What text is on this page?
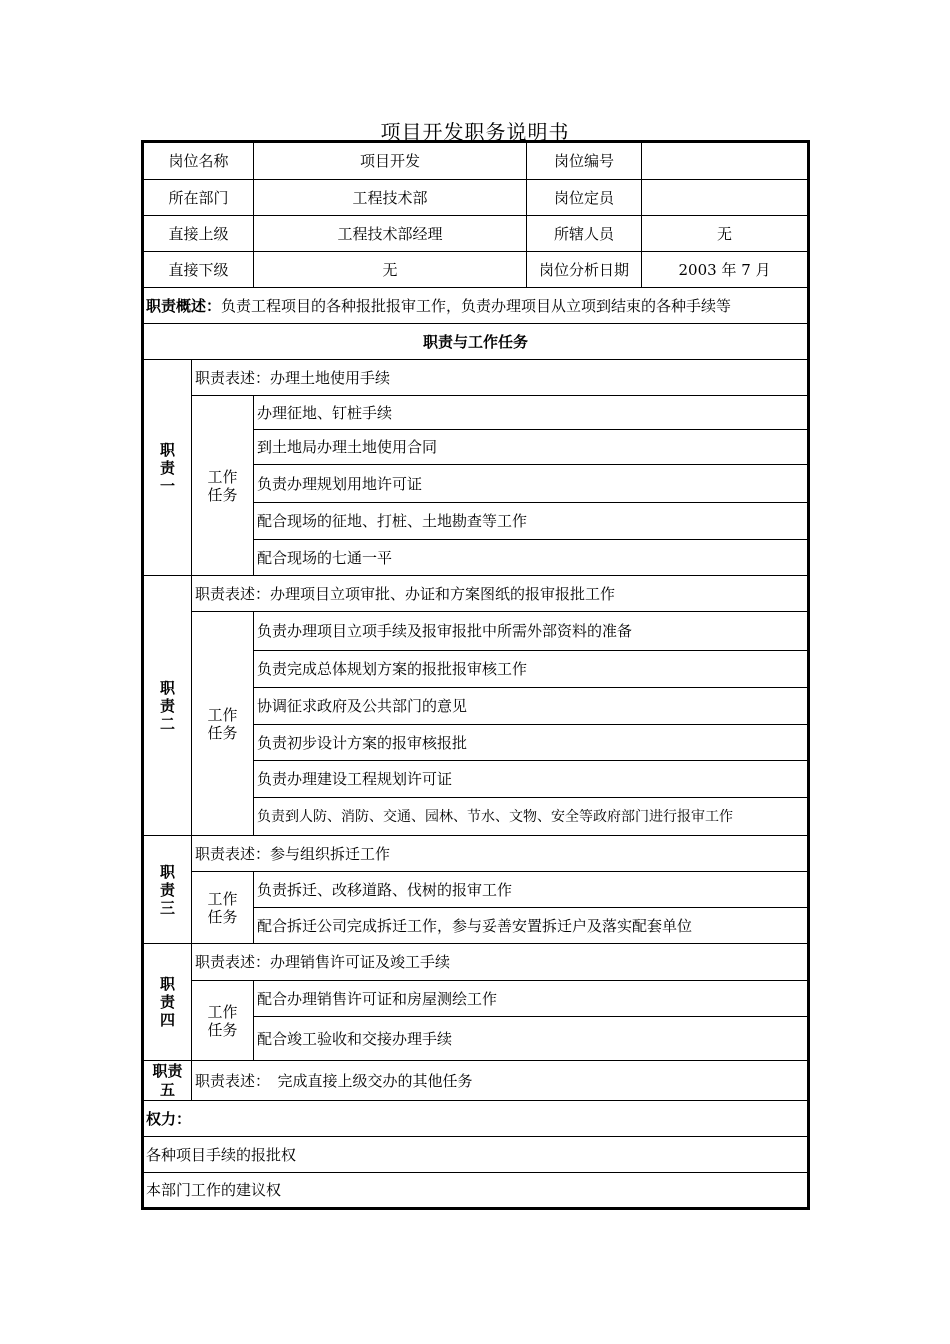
项目开发职务说明书
岗位名称		项目开发	岗位编号	
所在部门		工程技术部	岗位定员	
直接上级		工程技术部经理	所辖人员	无
直接下级		无	岗位分析日期	2003 年 7 月
职责概述：负责工程项目的各种报批报审工作，负责办理项目从立项到结束的各种手续等				
职责与工作任务				

职
责
一	职责表述：办理土地使用手续			

	工作
任务	办理征地、钉桩手续		
		到土地局办理土地使用合同		
		负责办理规划用地许可证		
		配合现场的征地、打桩、土地勘查等工作		
		配合现场的七通一平		

职
责
二	职责表述：办理项目立项审批、办证和方案图纸的报审报批工作			

	工作
任务	负责办理项目立项手续及报审报批中所需外部资料的准备		
		负责完成总体规划方案的报批报审核工作		
		协调征求政府及公共部门的意见		
		负责初步设计方案的报审核报批		
		负责办理建设工程规划许可证		
		负责到人防、消防、交通、园林、节水、文物、安全等政府部门进行报审工作		

职
责
三	职责表述：参与组织拆迁工作			

	工作
任务	负责拆迁、改移道路、伐树的报审工作		
		配合拆迁公司完成拆迁工作，参与妥善安置拆迁户及落实配套单位		

职
责
四	职责表述：办理销售许可证及竣工手续			

	工作
任务	配合办理销售许可证和房屋测绘工作		
		配合竣工验收和交接办理手续		

职责
五	职责表述：　完成直接上级交办的其他任务			
权力：				
各种项目手续的报批权				
本部门工作的建议权				
